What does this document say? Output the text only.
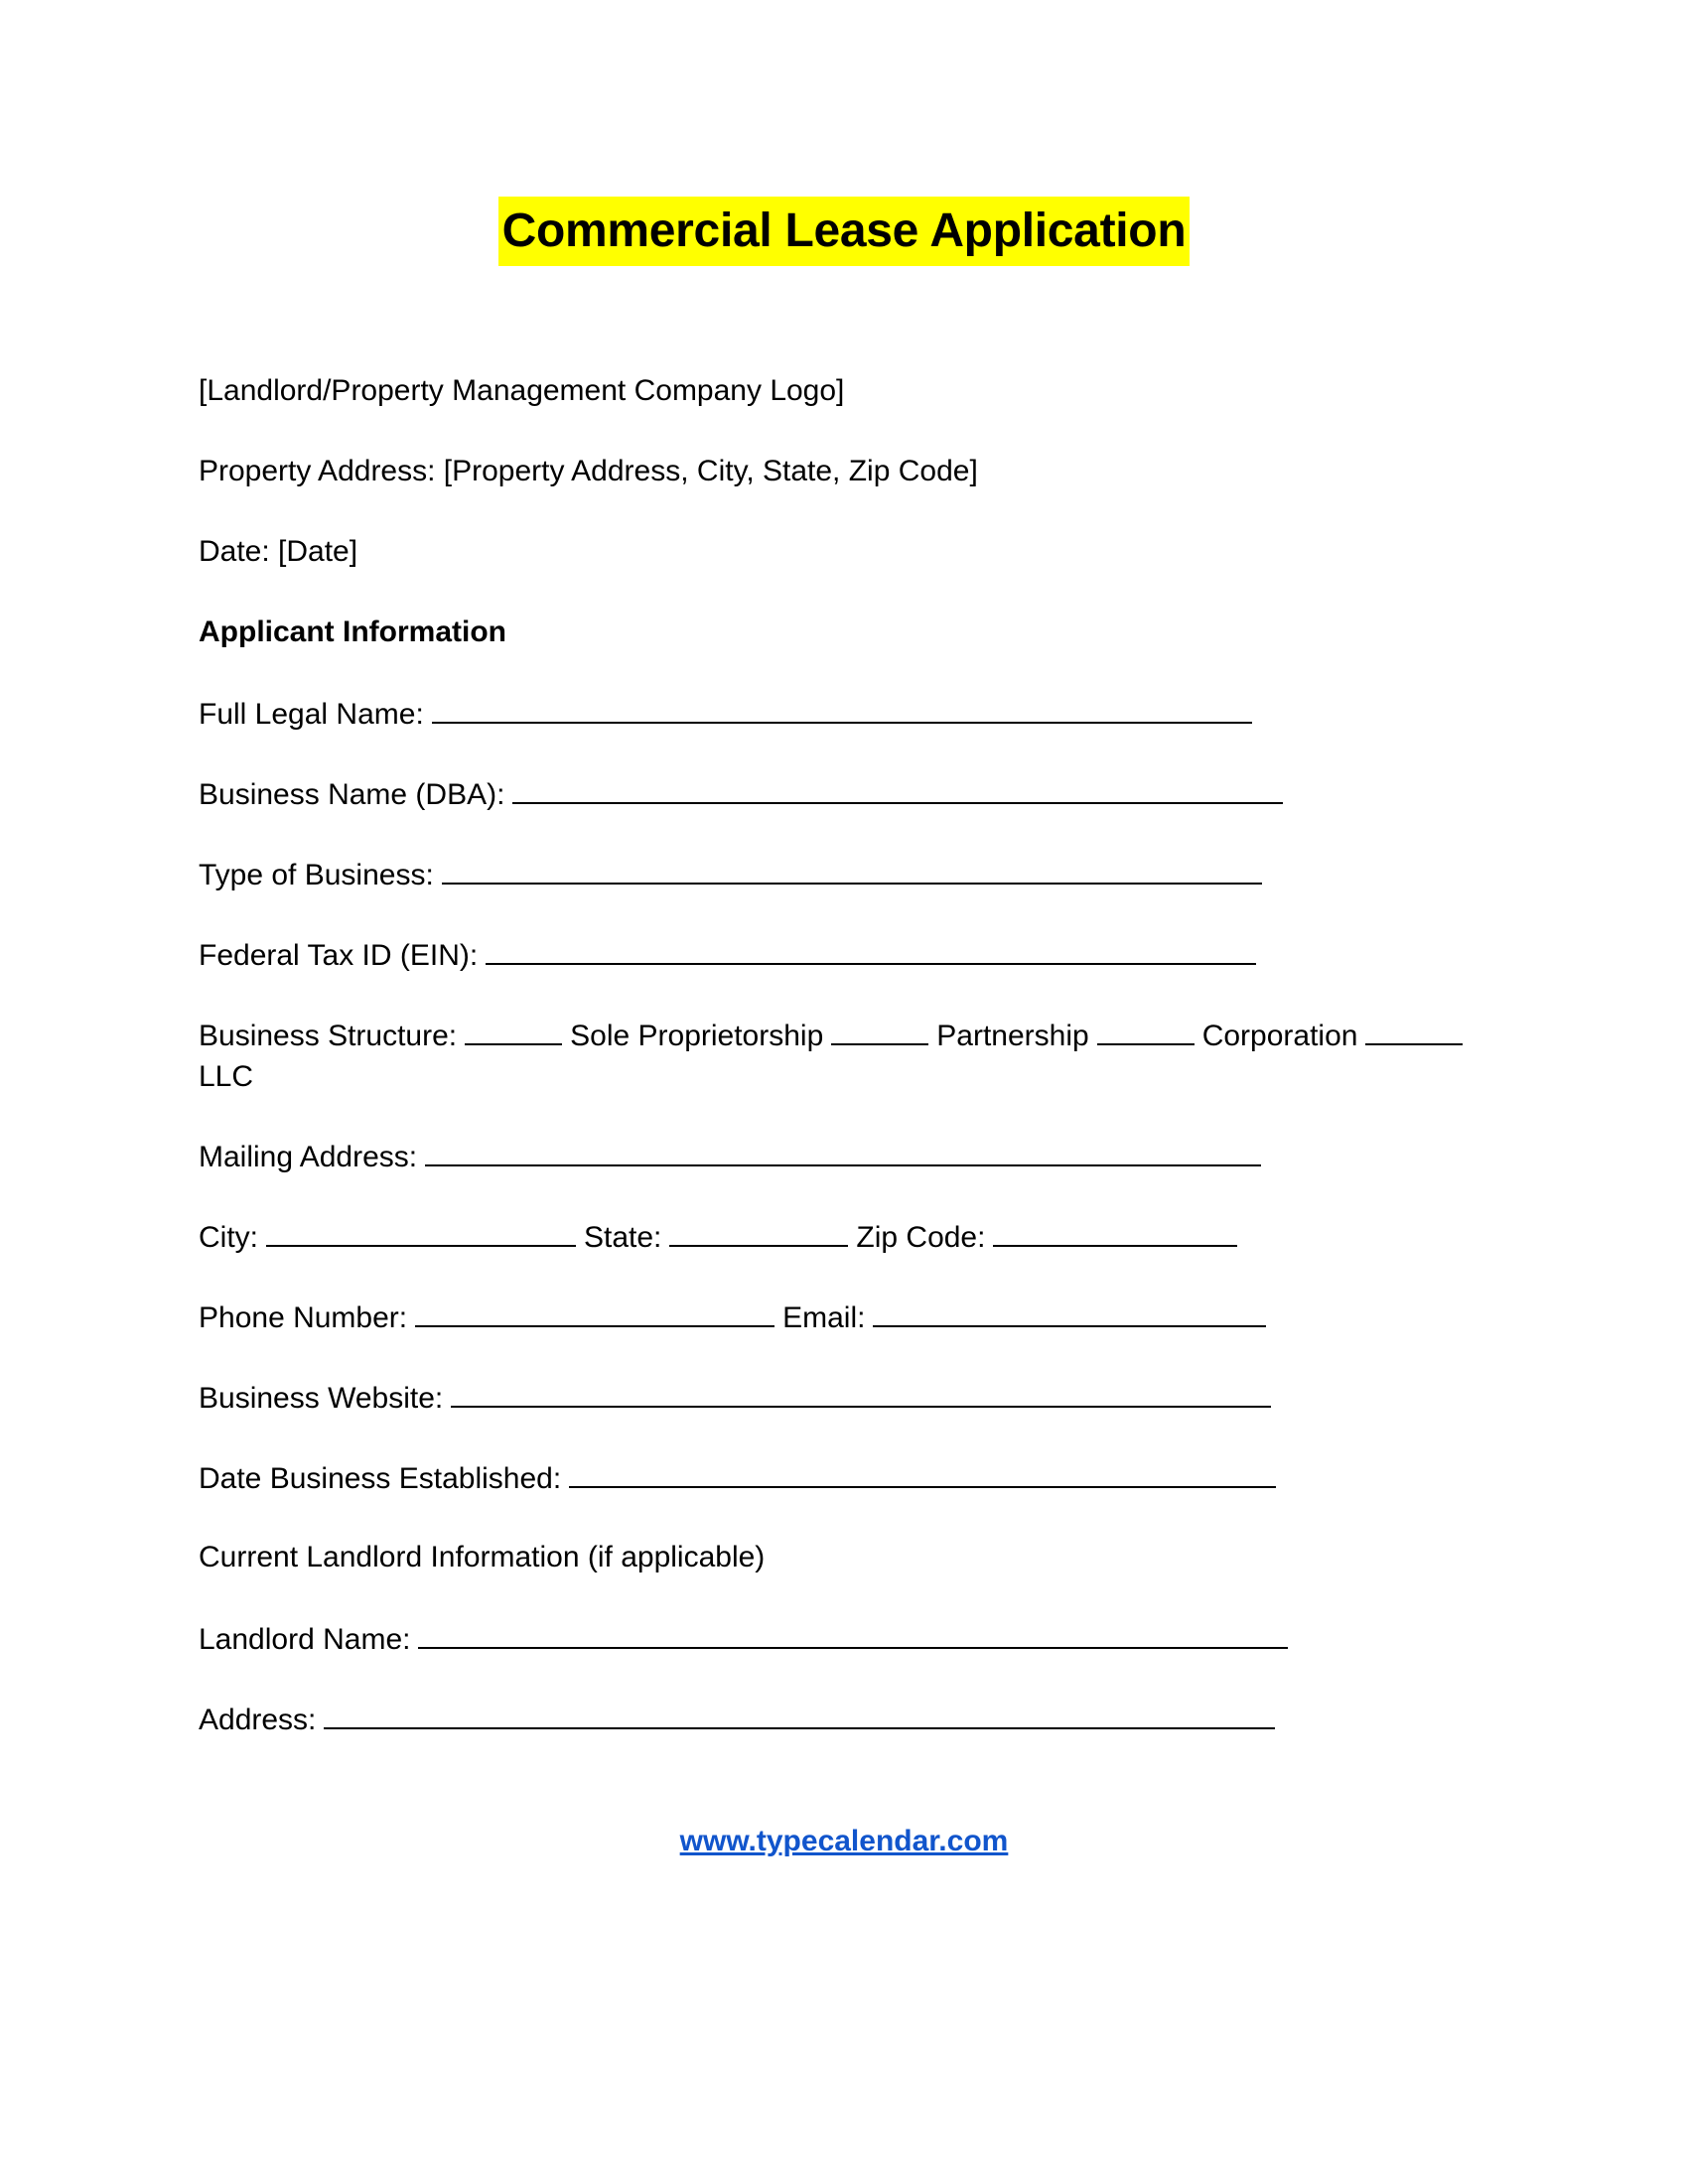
Commercial Lease Application
[Landlord/Property Management Company Logo]
Property Address: [Property Address, City, State, Zip Code]
Date: [Date]
Applicant Information
Full Legal Name:
Business Name (DBA):
Type of Business:
Federal Tax ID (EIN):
Business Structure:	Sole Proprietorship	Partnership	Corporation
LLC
Mailing Address:
City:	State:	Zip Code:
Phone Number:	Email:
Business Website:
Date Business Established:
Current Landlord Information (if applicable)
Landlord Name:
Address:
www.typecalendar.com
